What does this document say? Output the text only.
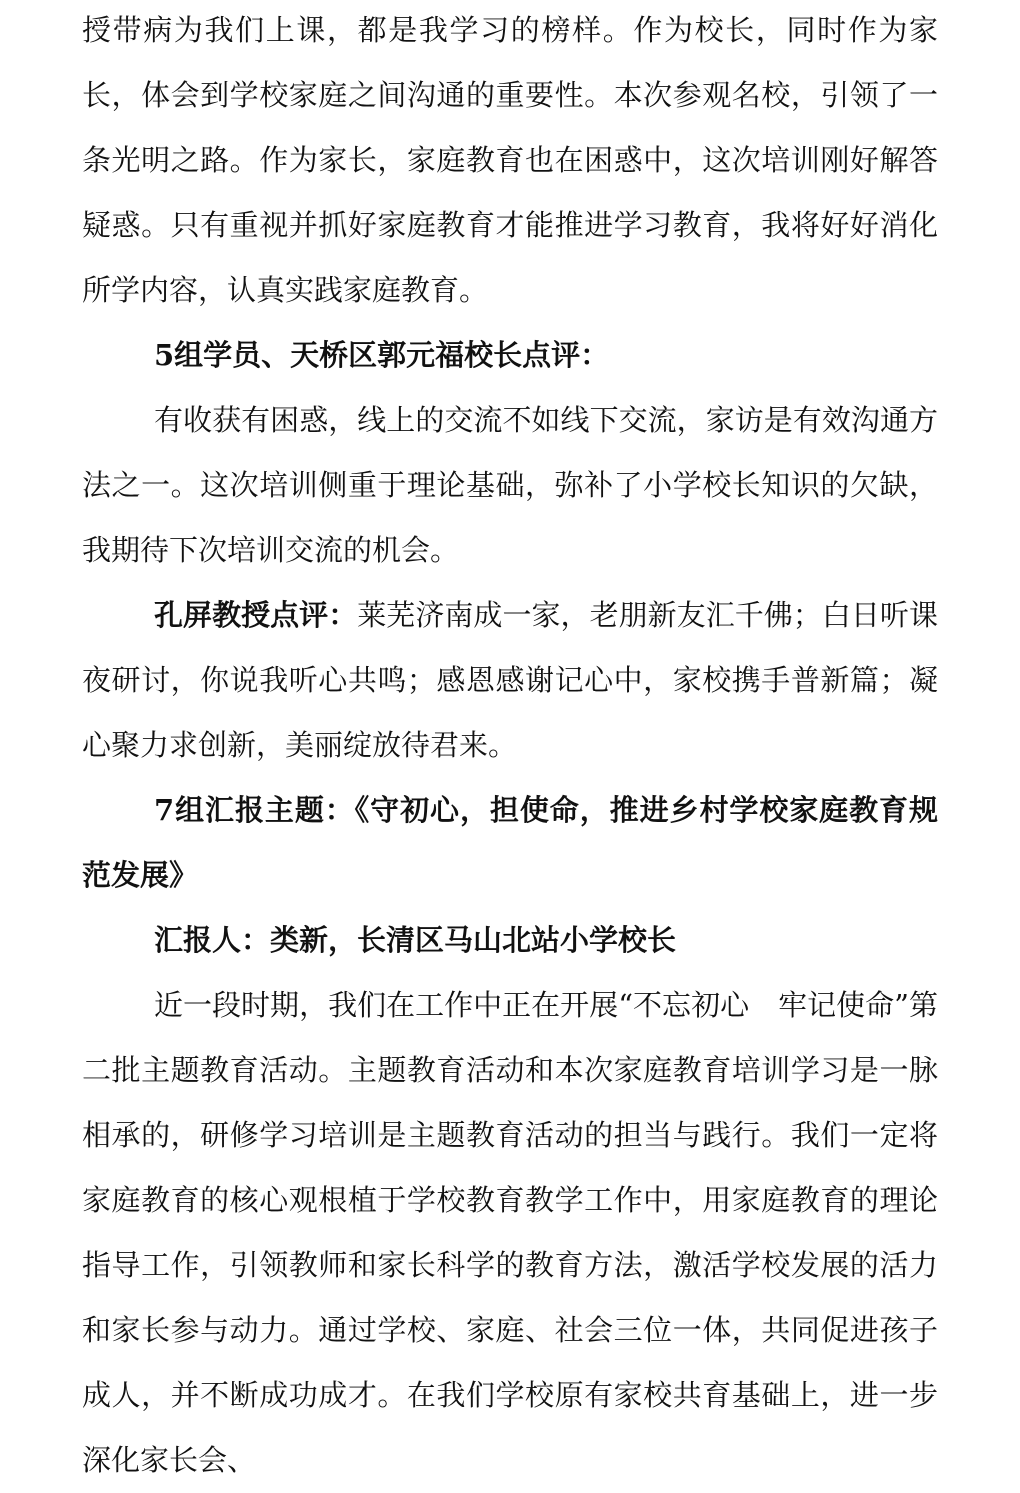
授带病为我们上课，都是我学习的榜样。作为校长，同时作为家长，体会到学校家庭之间沟通的重要性。本次参观名校，引领了一条光明之路。作为家长，家庭教育也在困惑中，这次培训刚好解答疑惑。只有重视并抓好家庭教育才能推进学习教育，我将好好消化所学内容，认真实践家庭教育。

5组学员、天桥区郭元福校长点评：

有收获有困惑，线上的交流不如线下交流，家访是有效沟通方法之一。这次培训侧重于理论基础，弥补了小学校长知识的欠缺，我期待下次培训交流的机会。

孔屏教授点评：莱芜济南成一家，老朋新友汇千佛；白日听课夜研讨，你说我听心共鸣；感恩感谢记心中，家校携手普新篇；凝心聚力求创新，美丽绽放待君来。

7组汇报主题：《守初心，担使命，推进乡村学校家庭教育规范发展》

汇报人：类新，长清区马山北站小学校长

近一段时期，我们在工作中正在开展“不忘初心　牢记使命”第二批主题教育活动。主题教育活动和本次家庭教育培训学习是一脉相承的，研修学习培训是主题教育活动的担当与践行。我们一定将家庭教育的核心观根植于学校教育教学工作中，用家庭教育的理论指导工作，引领教师和家长科学的教育方法，激活学校发展的活力和家长参与动力。通过学校、家庭、社会三位一体，共同促进孩子成人，并不断成功成才。在我们学校原有家校共育基础上，进一步深化家长会、
